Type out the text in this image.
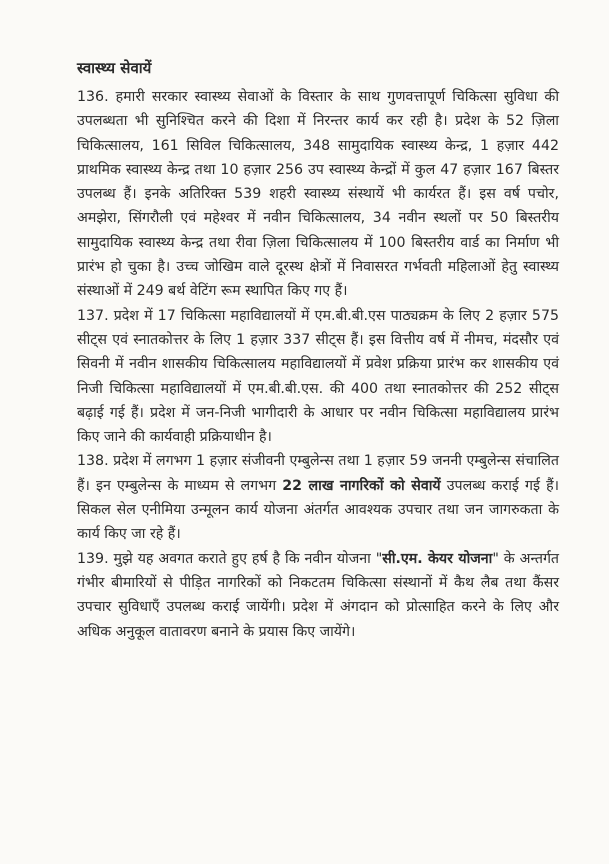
स्वास्थ्य सेवायें

136. हमारी सरकार स्वास्थ्य सेवाओं के विस्तार के साथ गुणवत्तापूर्ण चिकित्सा सुविधा की उपलब्धता भी सुनिश्चित करने की दिशा में निरन्तर कार्य कर रही है। प्रदेश के 52 ज़िला चिकित्सालय, 161 सिविल चिकित्सालय, 348 सामुदायिक स्वास्थ्य केन्द्र, 1 हज़ार 442 प्राथमिक स्वास्थ्य केन्द्र तथा 10 हज़ार 256 उप स्वास्थ्य केन्द्रों में कुल 47 हज़ार 167 बिस्तर उपलब्ध हैं। इनके अतिरिक्त 539 शहरी स्वास्थ्य संस्थायें भी कार्यरत हैं। इस वर्ष पचोर, अमझेरा, सिंगरौली एवं महेश्वर में नवीन चिकित्सालय, 34 नवीन स्थलों पर 50 बिस्तरीय सामुदायिक स्वास्थ्य केन्द्र तथा रीवा ज़िला चिकित्सालय में 100 बिस्तरीय वार्ड का निर्माण भी प्रारंभ हो चुका है। उच्च जोखिम वाले दूरस्थ क्षेत्रों में निवासरत गर्भवती महिलाओं हेतु स्वास्थ्य संस्थाओं में 249 बर्थ वेटिंग रूम स्थापित किए गए हैं।

137. प्रदेश में 17 चिकित्सा महाविद्यालयों में एम.बी.बी.एस पाठ्यक्रम के लिए 2 हज़ार 575 सीट्स एवं स्नातकोत्तर के लिए 1 हज़ार 337 सीट्स हैं। इस वित्तीय वर्ष में नीमच, मंदसौर एवं सिवनी में नवीन शासकीय चिकित्सालय महाविद्यालयों में प्रवेश प्रक्रिया प्रारंभ कर शासकीय एवं निजी चिकित्सा महाविद्यालयों में एम.बी.बी.एस. की 400 तथा स्नातकोत्तर की 252 सीट्स बढ़ाई गई हैं। प्रदेश में जन-निजी भागीदारी के आधार पर नवीन चिकित्सा महाविद्यालय प्रारंभ किए जाने की कार्यवाही प्रक्रियाधीन है।

138. प्रदेश में लगभग 1 हज़ार संजीवनी एम्बुलेन्स तथा 1 हज़ार 59 जननी एम्बुलेन्स संचालित हैं। इन एम्बुलेन्स के माध्यम से लगभग 22 लाख नागरिकों को सेवायें उपलब्ध कराई गई हैं। सिकल सेल एनीमिया उन्मूलन कार्य योजना अंतर्गत आवश्यक उपचार तथा जन जागरुकता के कार्य किए जा रहे हैं।

139. मुझे यह अवगत कराते हुए हर्ष है कि नवीन योजना "सी.एम. केयर योजना" के अन्तर्गत गंभीर बीमारियों से पीड़ित नागरिकों को निकटतम चिकित्सा संस्थानों में कैथ लैब तथा कैंसर उपचार सुविधाएँ उपलब्ध कराई जायेंगी। प्रदेश में अंगदान को प्रोत्साहित करने के लिए और अधिक अनुकूल वातावरण बनाने के प्रयास किए जायेंगे।
